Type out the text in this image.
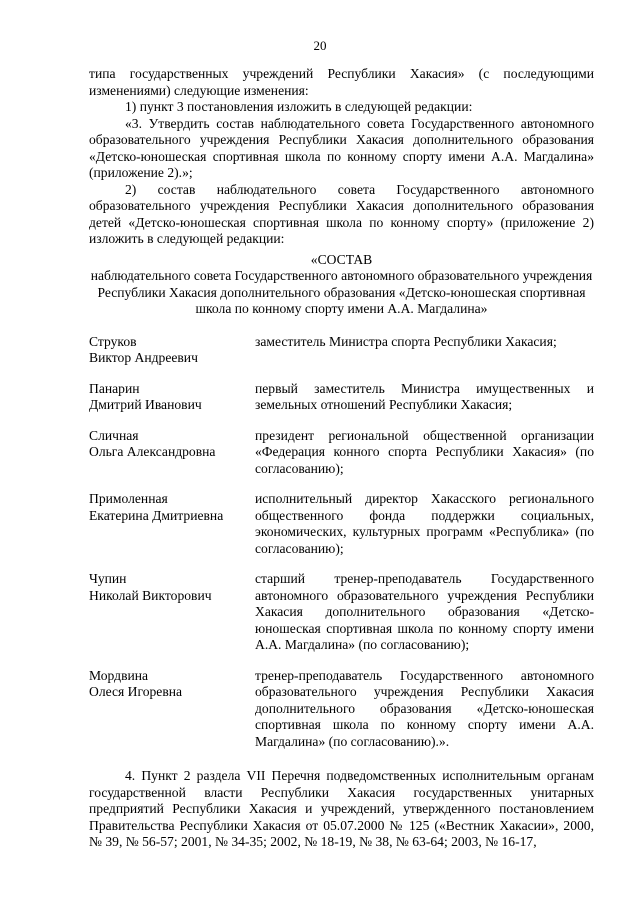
20

типа государственных учреждений Республики Хакасия» (с последующими изменениями) следующие изменения:

1) пункт 3 постановления изложить в следующей редакции:

«3. Утвердить состав наблюдательного совета Государственного автономного образовательного учреждения Республики Хакасия дополнительного образования «Детско-юношеская спортивная школа по конному спорту имени А.А. Магдалина» (приложение 2).»;

2) состав наблюдательного совета Государственного автономного образовательного учреждения Республики Хакасия дополнительного образования детей «Детско-юношеская спортивная школа по конному спорту» (приложение 2) изложить в следующей редакции:

«СОСТАВ

наблюдательного совета Государственного автономного образовательного учреждения Республики Хакасия дополнительного образования «Детско-юношеская спортивная школа по конному спорту имени А.А. Магдалина»

Струков
Виктор Андреевич
заместитель Министра спорта Республики Хакасия;
Панарин
Дмитрий Иванович
первый заместитель Министра имущественных и земельных отношений Республики Хакасия;
Сличная
Ольга Александровна
президент региональной общественной организации «Федерация конного спорта Республики Хакасия» (по согласованию);
Примоленная
Екатерина Дмитриевна
исполнительный директор Хакасского регионального общественного фонда поддержки социальных, экономических, культурных программ «Республика» (по согласованию);
Чупин
Николай Викторович
старший тренер-преподаватель Государственного автономного образовательного учреждения Республики Хакасия дополнительного образования «Детско-юношеская спортивная школа по конному спорту имени А.А. Магдалина» (по согласованию);
Мордвина
Олеся Игоревна
тренер-преподаватель Государственного автономного образовательного учреждения Республики Хакасия дополнительного образования «Детско-юношеская спортивная школа по конному спорту имени А.А. Магдалина» (по согласованию).».

4. Пункт 2 раздела VII Перечня подведомственных исполнительным органам государственной власти Республики Хакасия государственных унитарных предприятий Республики Хакасия и учреждений, утвержденного постановлением Правительства Республики Хакасия от 05.07.2000 № 125 («Вестник Хакасии», 2000, № 39, № 56-57; 2001, № 34-35; 2002, № 18-19, № 38, № 63-64; 2003, № 16-17,
